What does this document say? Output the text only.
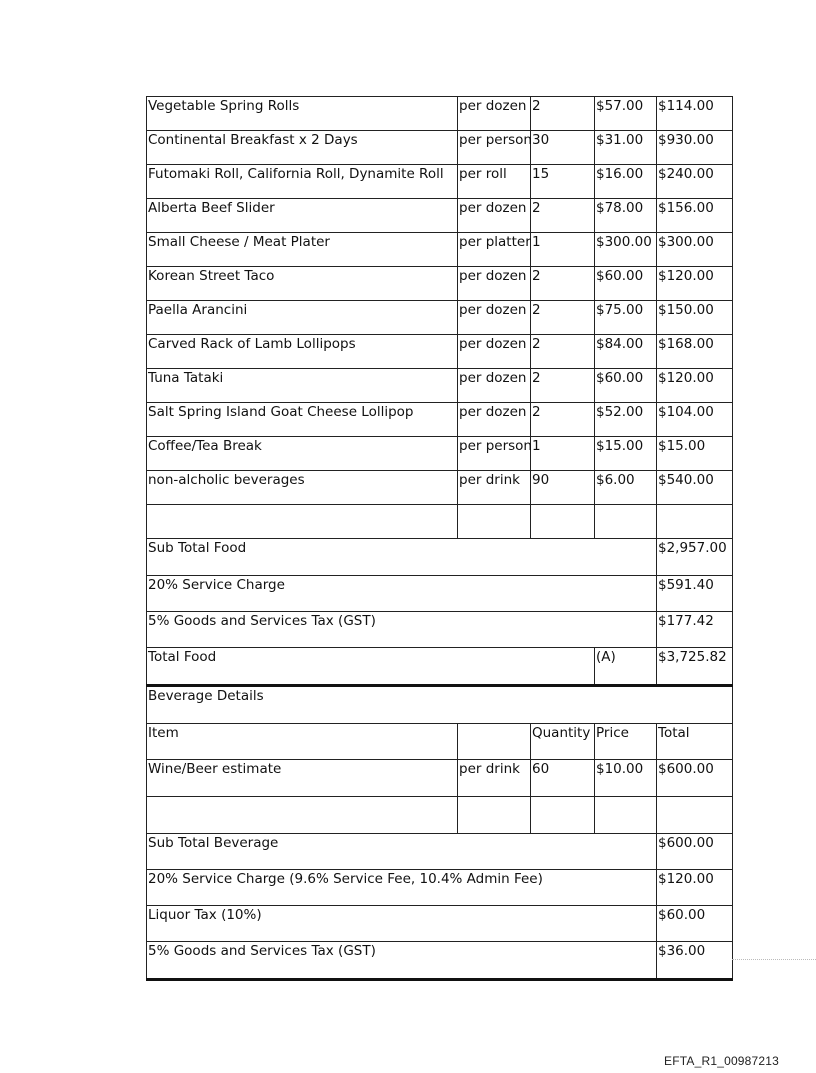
Vegetable Spring Rolls	per dozen	2	$57.00	$114.00
Continental Breakfast x 2 Days	per person	30	$31.00	$930.00
Futomaki Roll, California Roll, Dynamite Roll	per roll	15	$16.00	$240.00
Alberta Beef Slider	per dozen	2	$78.00	$156.00
Small Cheese / Meat Plater	per platter	1	$300.00	$300.00
Korean Street Taco	per dozen	2	$60.00	$120.00
Paella Arancini	per dozen	2	$75.00	$150.00
Carved Rack of Lamb Lollipops	per dozen	2	$84.00	$168.00
Tuna Tataki	per dozen	2	$60.00	$120.00
Salt Spring Island Goat Cheese Lollipop	per dozen	2	$52.00	$104.00
Coffee/Tea Break	per person	1	$15.00	$15.00
non-alcholic beverages	per drink	90	$6.00	$540.00

Sub Total Food				$2,957.00
20% Service Charge				$591.40
5% Goods and Services Tax (GST)				$177.42
Total Food			(A)	$3,725.82
Beverage Details				
Item		Quantity	Price	Total
Wine/Beer estimate	per drink	60	$10.00	$600.00

Sub Total Beverage				$600.00
20% Service Charge (9.6% Service Fee, 10.4% Admin Fee)				$120.00
Liquor Tax (10%)				$60.00
5% Goods and Services Tax (GST)				$36.00
EFTA_R1_00987213
